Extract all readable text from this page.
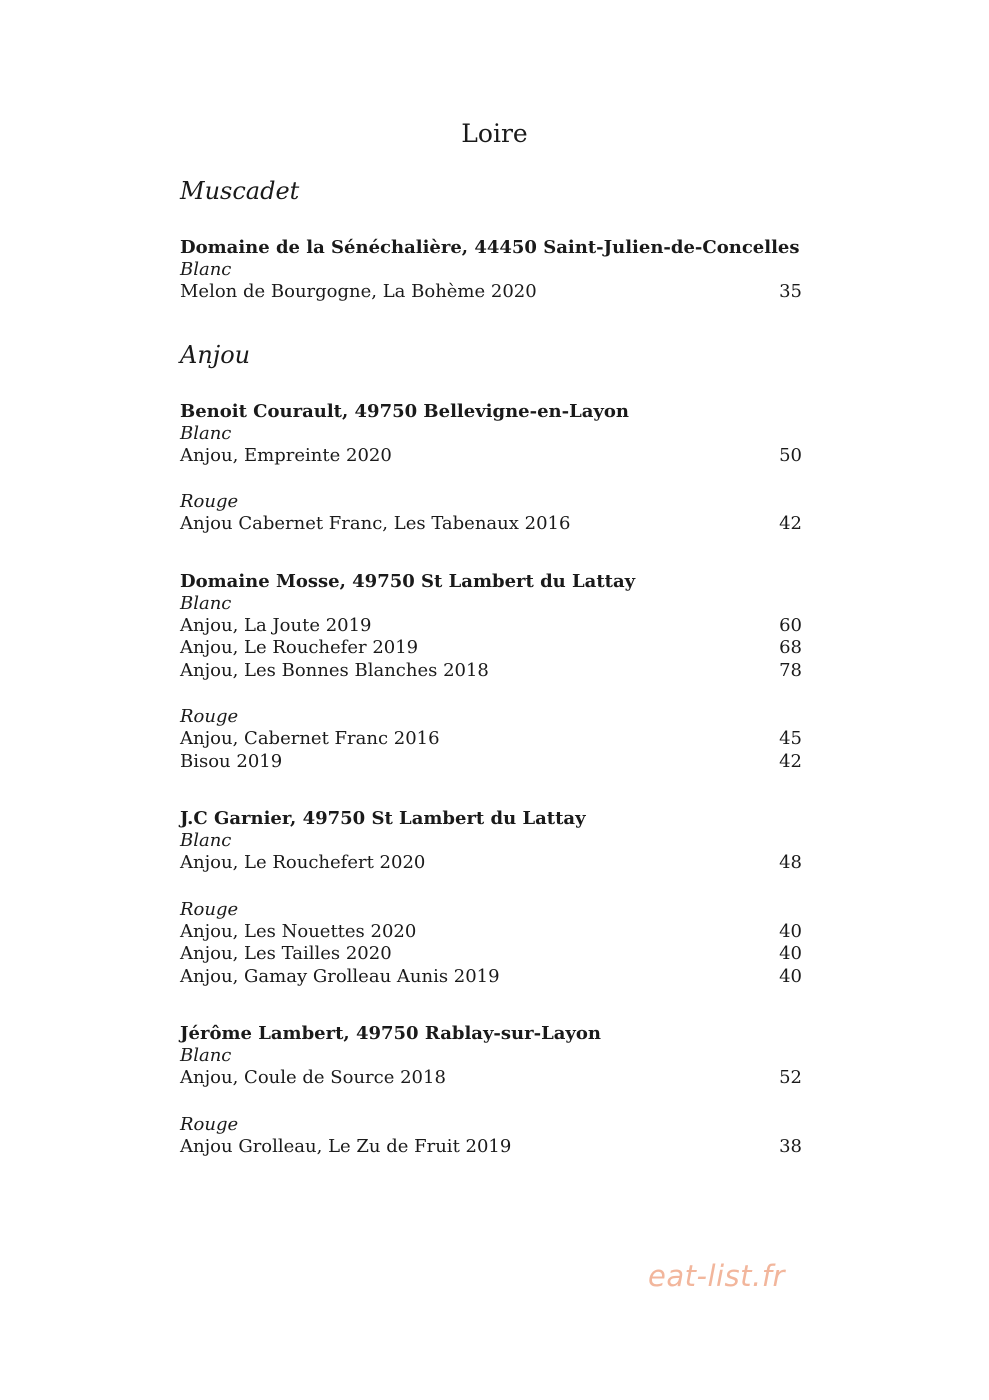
Loire
Muscadet
Domaine de la Sénéchalière, 44450 Saint-Julien-de-Concelles
Blanc
Melon de Bourgogne, La Bohème 2020	35
Anjou
Benoit Courault, 49750 Bellevigne-en-Layon
Blanc
Anjou, Empreinte 2020	50
Rouge
Anjou Cabernet Franc, Les Tabenaux 2016	42
Domaine Mosse, 49750 St Lambert du Lattay
Blanc
Anjou, La Joute 2019	60
Anjou, Le Rouchefer 2019	68
Anjou, Les Bonnes Blanches 2018	78
Rouge
Anjou, Cabernet Franc 2016	45
Bisou 2019	42
J.C Garnier, 49750 St Lambert du Lattay
Blanc
Anjou, Le Rouchefert 2020	48
Rouge
Anjou, Les Nouettes 2020	40
Anjou, Les Tailles 2020	40
Anjou, Gamay Grolleau Aunis 2019	40
Jérôme Lambert, 49750 Rablay-sur-Layon
Blanc
Anjou, Coule de Source 2018	52
Rouge
Anjou Grolleau, Le Zu de Fruit 2019	38
eat-list.fr
